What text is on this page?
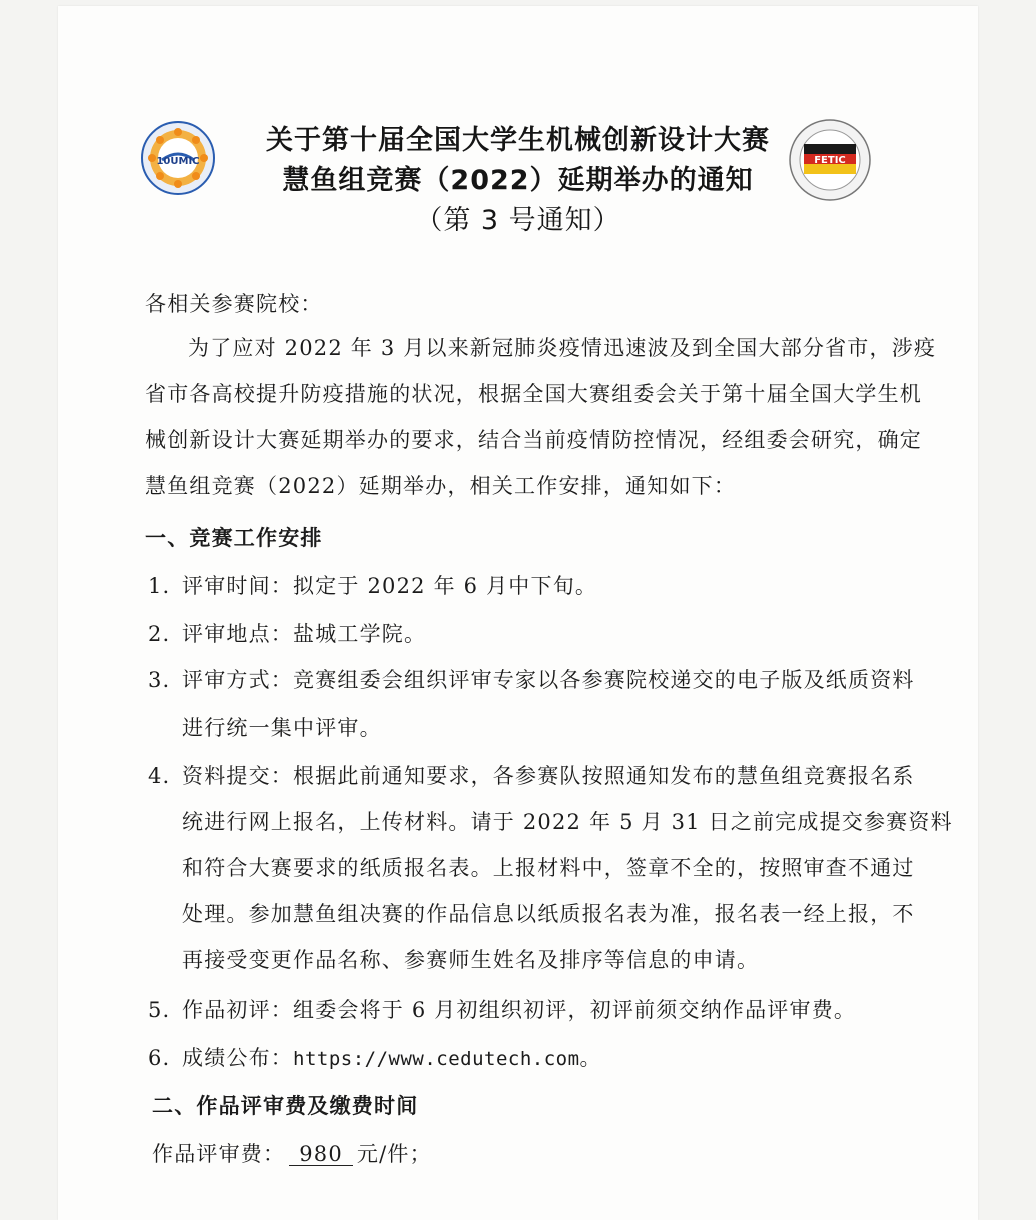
10UMIC	FETIC
关于第十届全国大学生机械创新设计大赛
慧鱼组竞赛（2022）延期举办的通知
（第 3 号通知）
各相关参赛院校：
为了应对 2022 年 3 月以来新冠肺炎疫情迅速波及到全国大部分省市，涉疫
省市各高校提升防疫措施的状况，根据全国大赛组委会关于第十届全国大学生机
械创新设计大赛延期举办的要求，结合当前疫情防控情况，经组委会研究，确定
慧鱼组竞赛（2022）延期举办，相关工作安排，通知如下：
一、竞赛工作安排
1. 评审时间：拟定于 2022 年 6 月中下旬。
2. 评审地点：盐城工学院。
3. 评审方式：竞赛组委会组织评审专家以各参赛院校递交的电子版及纸质资料
进行统一集中评审。
4. 资料提交：根据此前通知要求，各参赛队按照通知发布的慧鱼组竞赛报名系
统进行网上报名，上传材料。请于 2022 年 5 月 31 日之前完成提交参赛资料
和符合大赛要求的纸质报名表。上报材料中，签章不全的，按照审查不通过
处理。参加慧鱼组决赛的作品信息以纸质报名表为准，报名表一经上报，不
再接受变更作品名称、参赛师生姓名及排序等信息的申请。
5. 作品初评：组委会将于 6 月初组织初评，初评前须交纳作品评审费。
6. 成绩公布：https://www.cedutech.com。
二、作品评审费及缴费时间
作品评审费： 980 元/件；
